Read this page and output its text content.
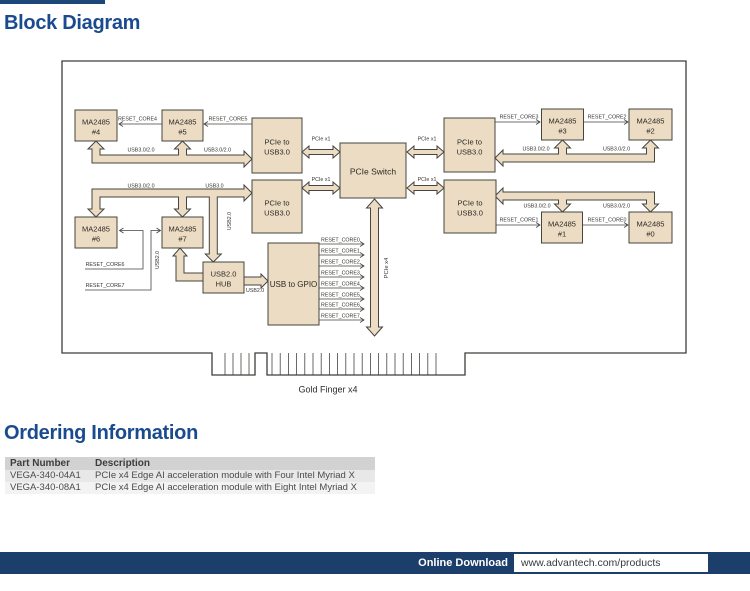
Block Diagram
Gold Finger x4
MA2485
#4
MA2485
#5
MA2485
#3
MA2485
#2
MA2485
#6
MA2485
#7
MA2485
#1
MA2485
#0
PCIe to
USB3.0
PCIe to
USB3.0
PCIe to
USB3.0
PCIe to
USB3.0
PCIe Switch
USB2.0
HUB	USB to GPIO
USB3.0/2.0	USB3.0/2.0	USB3.0/2.0	USB3.0/2.0
USB3.0/2.0	USB3.0/2.0
USB3.0/2.0	USB3.0
PCIe x1	PCIe x1
PCIe x1	PCIe x1
RESET_CORE4	RESET_CORE5	RESET_CORE3	RESET_CORE2
RESET_CORE1	RESET_CORE0
RESET_CORE6
RESET_CORE7
RESET_CORE0
RESET_CORE1
RESET_CORE2
RESET_CORE3
RESET_CORE4
RESET_CORE5
RESET_CORE6
RESET_CORE7
USB2.0
USB2.0
USB2.0	PCIe x4
Ordering Information
Part Number	Description
VEGA-340-04A1	PCIe x4 Edge AI acceleration module with Four Intel Myriad X
VEGA-340-08A1	PCIe x4 Edge AI acceleration module with Eight Intel Myriad X
Online Download	www.advantech.com/products
